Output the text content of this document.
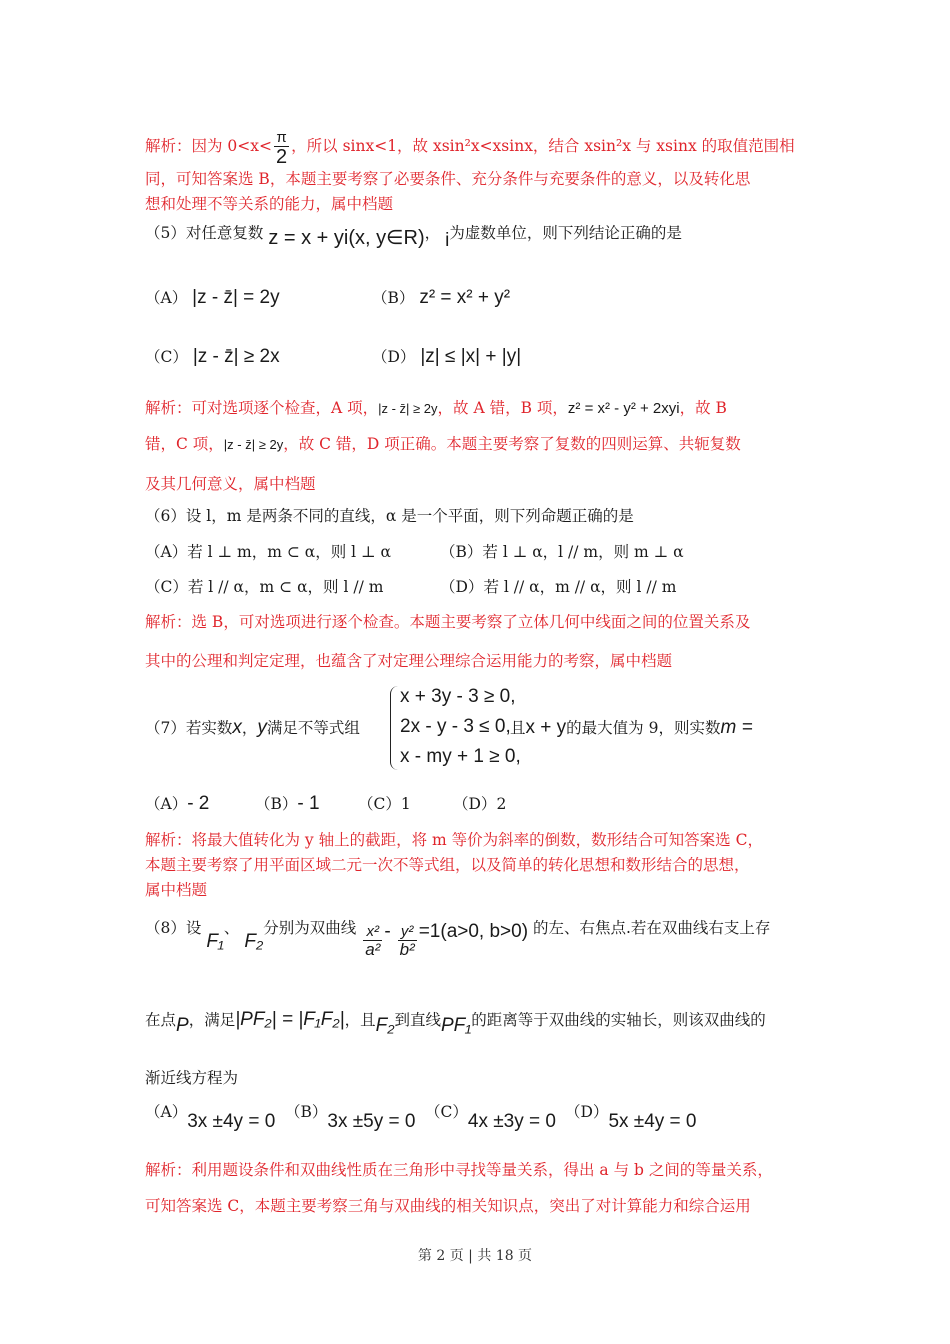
解析：因为 $0<x< \frac{\pi}{2}$ ，所以 sinx<1，故 xsin²x<xsinx，结合 xsin²x 与 xsinx 的取值范围相
同，可知答案选 B，本题主要考察了必要条件、充分条件与充要条件的意义，以及转化思
想和处理不等关系的能力，属中档题
（5）对任意复数 z = x + yi(x, y∈R)， i为虚数单位，则下列结论正确的是
（A） |z - z̄| = 2y	（B） z² = x² + y²
（C） |z - z̄| ≥ 2x	（D） |z| ≤ |x| + |y|
解析：可对选项逐个检查，A 项，|z - z̄| ≥ 2y，故 A 错，B 项，z² = x² - y² + 2xyi，故 B
错，C 项，|z - z̄| ≥ 2y，故 C 错，D 项正确。本题主要考察了复数的四则运算、共轭复数
及其几何意义，属中档题
（6）设 l，m 是两条不同的直线，α 是一个平面，则下列命题正确的是
（A）若 l ⊥ m，m ⊂ α，则 l ⊥ α	（B）若 l ⊥ α，l // m，则 m ⊥ α
（C）若 l // α，m ⊂ α，则 l // m	（D）若 l // α，m // α，则 l // m
解析：选 B，可对选项进行逐个检查。本题主要考察了立体几何中线面之间的位置关系及
其中的公理和判定定理，也蕴含了对定理公理综合运用能力的考察，属中档题
（7）若实数x，y满足不等式组
x + 3y - 3 ≥ 0,
2x - y - 3 ≤ 0,
x - my + 1 ≥ 0,
且x + y的最大值为 9，则实数m =
（A）- 2	（B）- 1 （C）1	（D）2
解析：将最大值转化为 y 轴上的截距，将 m 等价为斜率的倒数，数形结合可知答案选 C，
本题主要考察了用平面区域二元一次不等式组，以及简单的转化思想和数形结合的思想，
属中档题
（8）设 F₁、 F₂分别为双曲线 $\frac{\text{x²}}{\text{a²}} - \frac{\text{y²}}{\text{b²}} =1(a>0$, b>0) 的左、右焦点.若在双曲线右支上存
在点P，满足|PF₂| = |F₁F₂|，且F₂到直线PF₁的距离等于双曲线的实轴长，则该双曲线的
渐近线方程为
（A）3x ±4y = 0 （B）3x ±5y = 0 （C）4x ±3y = 0 （D）5x ±4y = 0
解析：利用题设条件和双曲线性质在三角形中寻找等量关系，得出 a 与 b 之间的等量关系，
可知答案选 C，本题主要考察三角与双曲线的相关知识点，突出了对计算能力和综合运用
第 2 页 | 共 18 页
